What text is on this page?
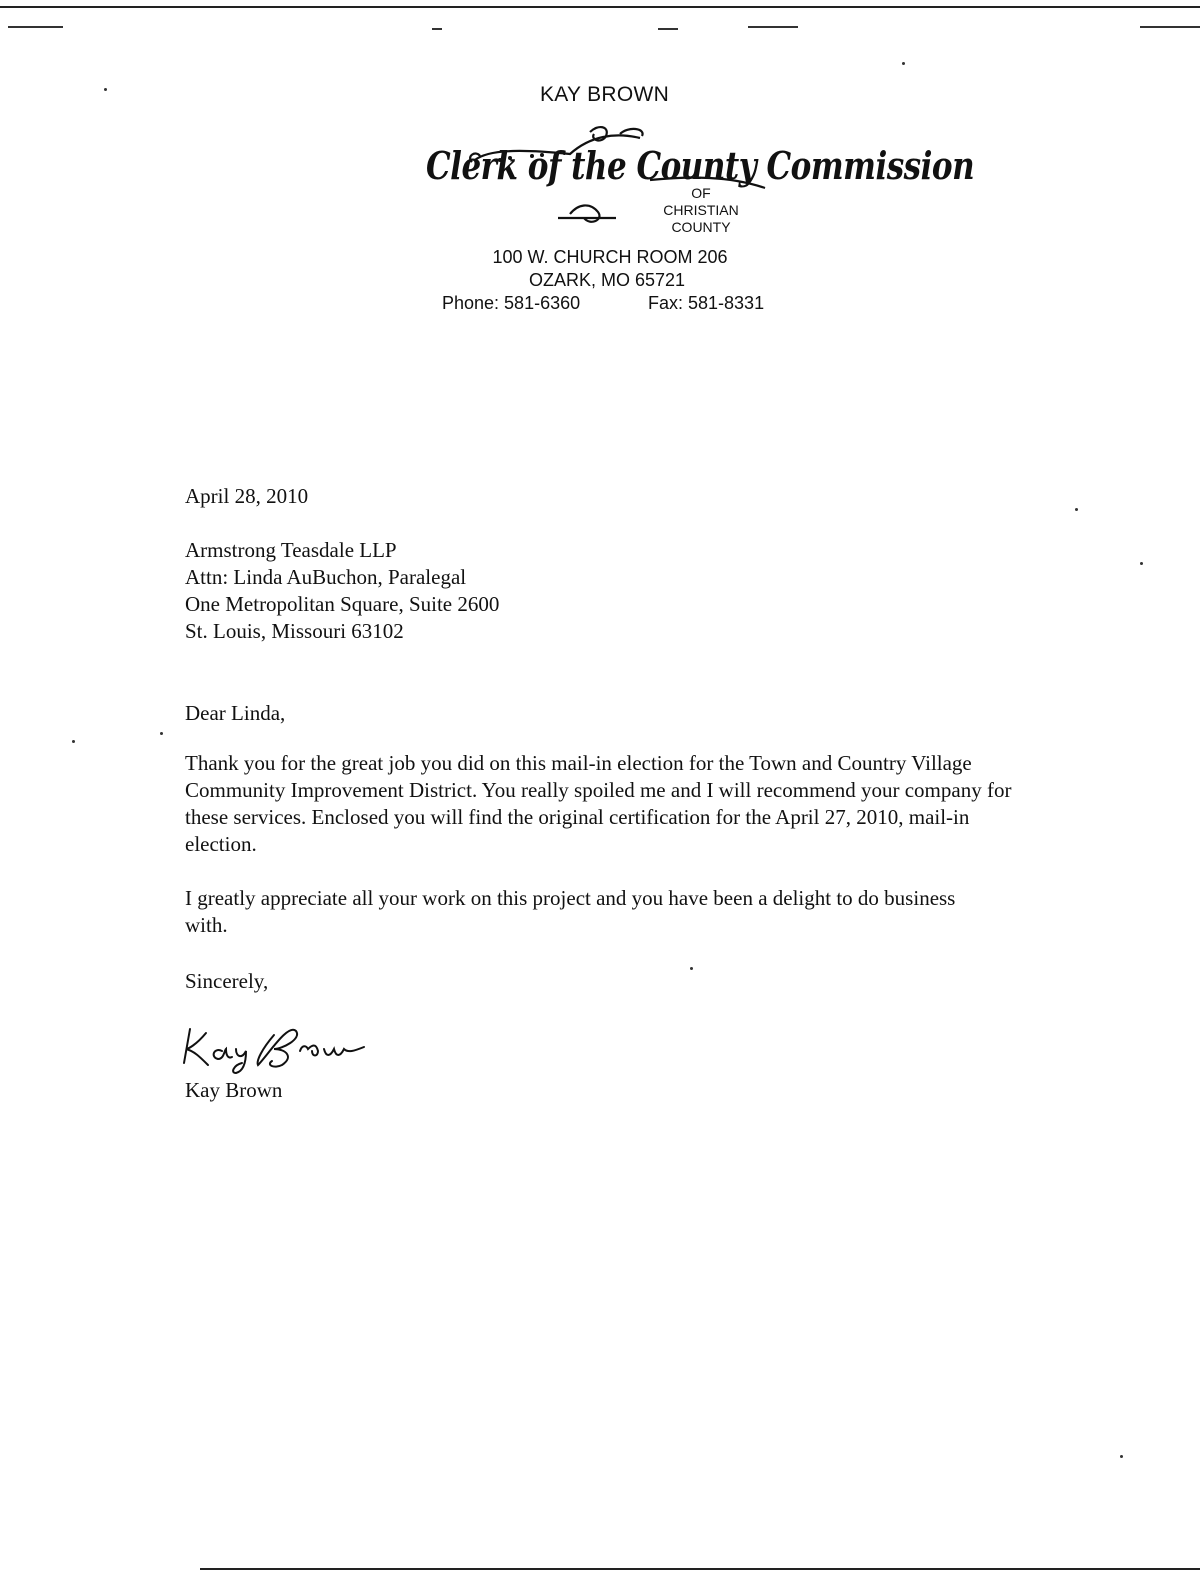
KAY BROWN
Clerk of the County Commission
OF
CHRISTIAN
COUNTY
100 W. CHURCH ROOM 206
OZARK, MO 65721
Phone: 581-6360	Fax: 581-8331
April 28, 2010
Armstrong Teasdale LLP
Attn: Linda AuBuchon, Paralegal
One Metropolitan Square, Suite 2600
St. Louis, Missouri 63102
Dear Linda,
Thank you for the great job you did on this mail-in election for the Town and Country Village Community Improvement District. You really spoiled me and I will recommend your company for these services. Enclosed you will find the original certification for the April 27, 2010, mail-in election.
I greatly appreciate all your work on this project and you have been a delight to do business with.
Sincerely,
Kay Brown
